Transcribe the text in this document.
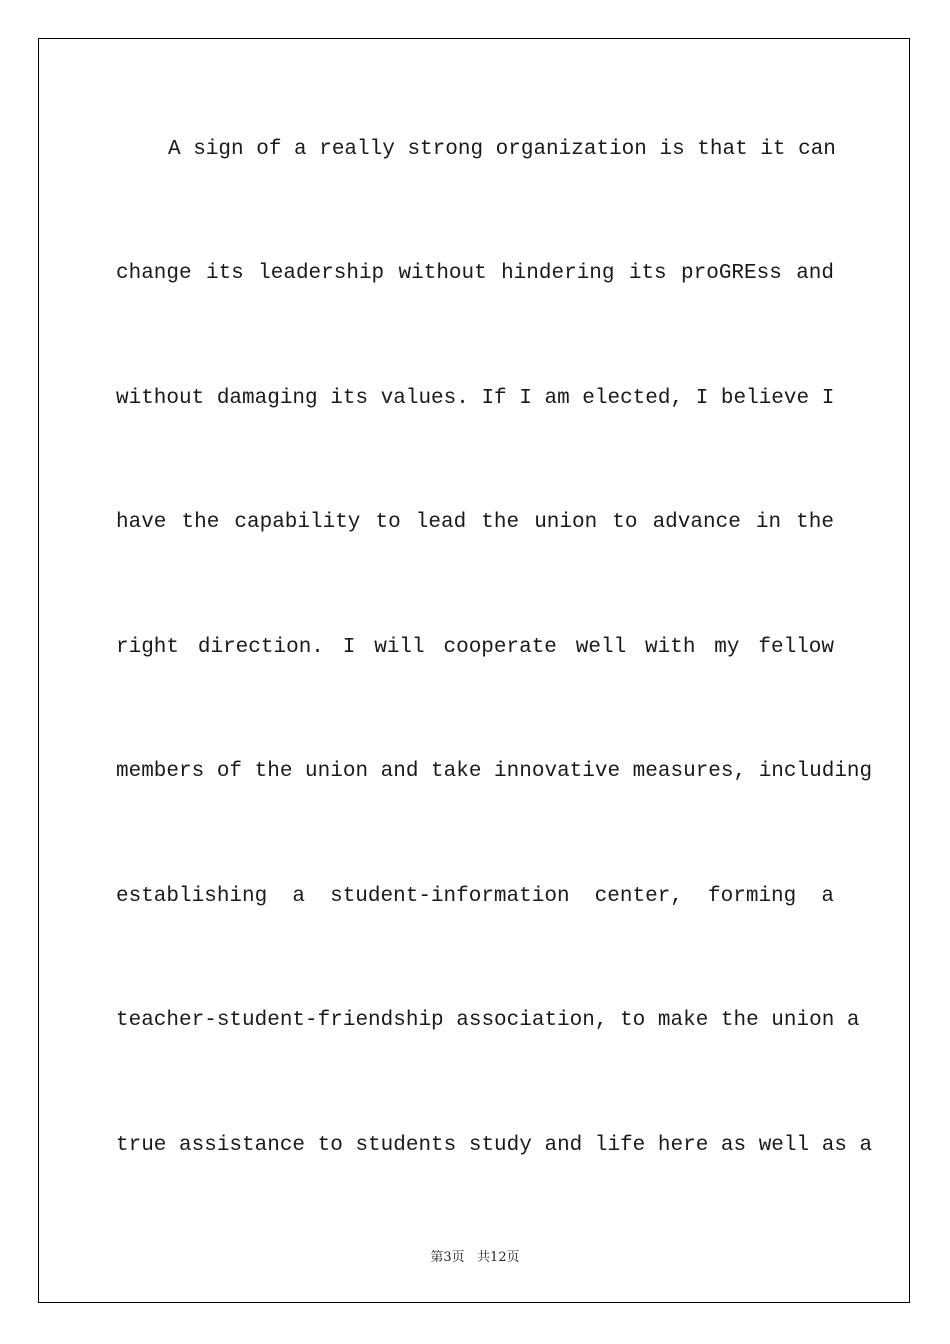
A sign of a really strong organization is that it can
change its leadership without hindering its proGREss and
without damaging its values. If I am elected, I believe I
have the capability to lead the union to advance in the
right direction. I will cooperate well with my fellow
members of the union and take innovative measures, including
establishing a student-information center, forming a
teacher-student-friendship association, to make the union a
true assistance to students study and life here as well as a
第3页   共12页
